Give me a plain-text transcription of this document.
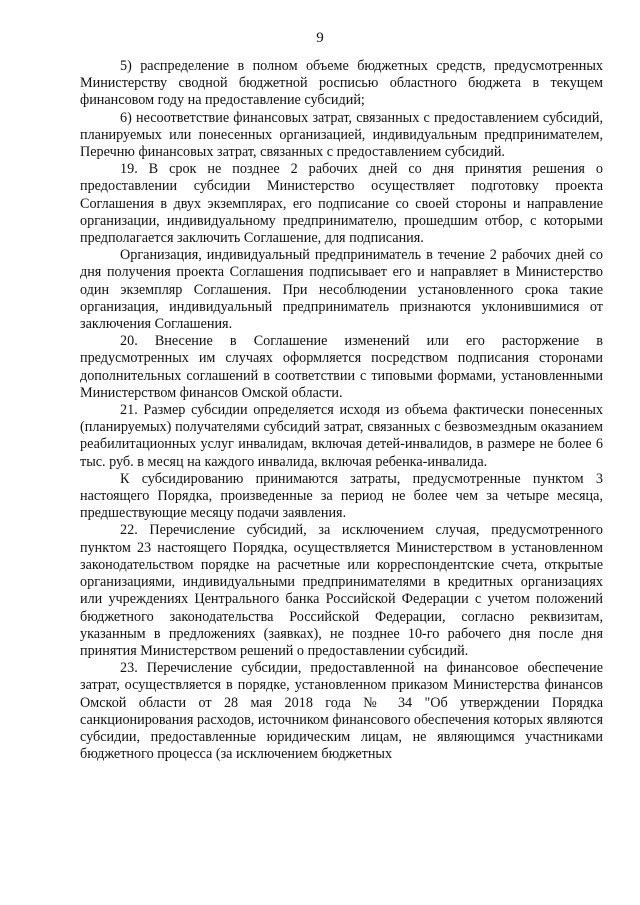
9

5) распределение в полном объеме бюджетных средств, предусмотренных Министерству сводной бюджетной росписью областного бюджета в текущем финансовом году на предоставление субсидий;

6) несоответствие финансовых затрат, связанных с предоставлением субсидий, планируемых или понесенных организацией, индивидуальным предпринимателем, Перечню финансовых затрат, связанных с предоставлением субсидий.

19. В срок не позднее 2 рабочих дней со дня принятия решения о предоставлении субсидии Министерство осуществляет подготовку проекта Соглашения в двух экземплярах, его подписание со своей стороны и направление организации, индивидуальному предпринимателю, прошедшим отбор, с которыми предполагается заключить Соглашение, для подписания.

Организация, индивидуальный предприниматель в течение 2 рабочих дней со дня получения проекта Соглашения подписывает его и направляет в Министерство один экземпляр Соглашения. При несоблюдении установленного срока такие организация, индивидуальный предприниматель признаются уклонившимися от заключения Соглашения.

20. Внесение в Соглашение изменений или его расторжение в предусмотренных им случаях оформляется посредством подписания сторонами дополнительных соглашений в соответствии с типовыми формами, установленными Министерством финансов Омской области.

21. Размер субсидии определяется исходя из объема фактически понесенных (планируемых) получателями субсидий затрат, связанных с безвозмездным оказанием реабилитационных услуг инвалидам, включая детей-инвалидов, в размере не более 6 тыс. руб. в месяц на каждого инвалида, включая ребенка-инвалида.

К субсидированию принимаются затраты, предусмотренные пунктом 3 настоящего Порядка, произведенные за период не более чем за четыре месяца, предшествующие месяцу подачи заявления.

22. Перечисление субсидий, за исключением случая, предусмотренного пунктом 23 настоящего Порядка, осуществляется Министерством в установленном законодательством порядке на расчетные или корреспондентские счета, открытые организациями, индивидуальными предпринимателями в кредитных организациях или учреждениях Центрального банка Российской Федерации с учетом положений бюджетного законодательства Российской Федерации, согласно реквизитам, указанным в предложениях (заявках), не позднее 10-го рабочего дня после дня принятия Министерством решений о предоставлении субсидий.

23. Перечисление субсидии, предоставленной на финансовое обеспечение затрат, осуществляется в порядке, установленном приказом Министерства финансов Омской области от 28 мая 2018 года № 34 "Об утверждении Порядка санкционирования расходов, источником финансового обеспечения которых являются субсидии, предоставленные юридическим лицам, не являющимся участниками бюджетного процесса (за исключением бюджетных
